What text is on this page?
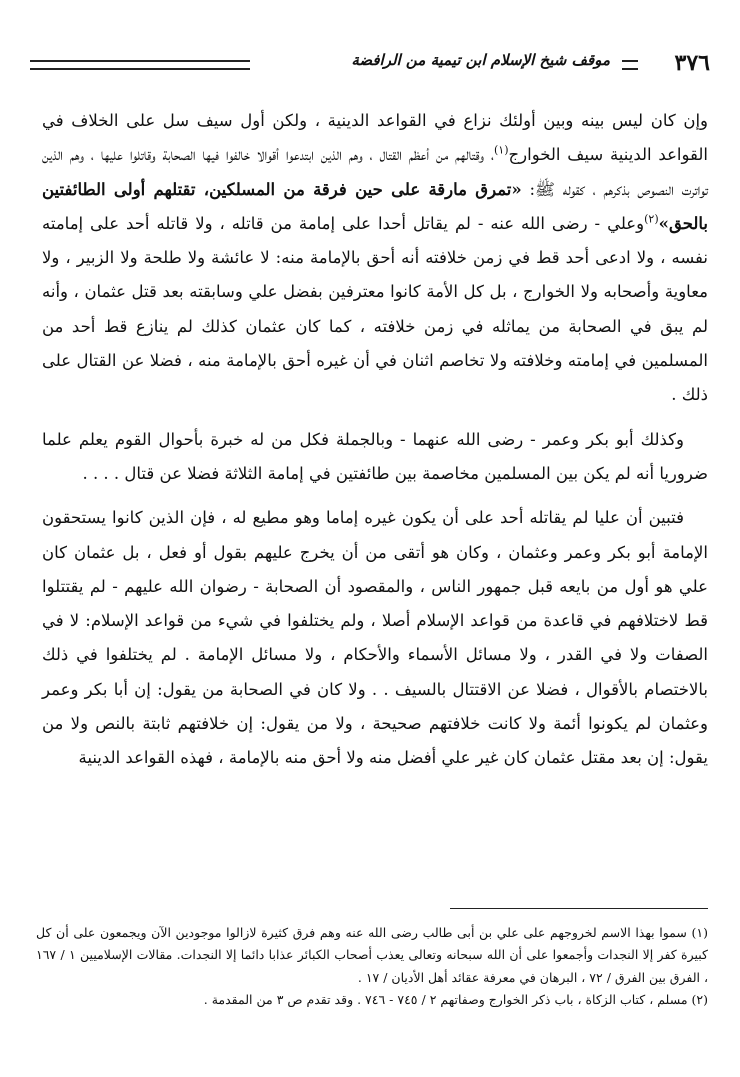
٣٧٦
موقف شيخ الإسلام ابن تيمية من الرافضة

وإن كان ليس بينه وبين أولئك نزاع في القواعد الدينية ، ولكن أول سيف سل على الخلاف في القواعد الدينية سيف الخوارج$^{(١)}$، وقتالهم من أعظم القتال ، وهم الذين ابتدعوا أقوالا خالفوا فيها الصحابة وقاتلوا عليها ، وهم الذين تواترت النصوص بذكرهم ، كقوله ﷺ: «تمرق مارقة على حين فرقة من المسلكين، تقتلهم أولى الطائفتين بالحق»$^{(٢)}$وعلي - رضى الله عنه - لم يقاتل أحدا على إمامة من قاتله ، ولا قاتله أحد على إمامته نفسه ، ولا ادعى أحد قط في زمن خلافته أنه أحق بالإمامة منه: لا عائشة ولا طلحة ولا الزبير ، ولا معاوية وأصحابه ولا الخوارج ، بل كل الأمة كانوا معترفين بفضل علي وسابقته بعد قتل عثمان ، وأنه لم يبق في الصحابة من يماثله في زمن خلافته ، كما كان عثمان كذلك لم ينازع قط أحد من المسلمين في إمامته وخلافته ولا تخاصم اثنان في أن غيره أحق بالإمامة منه ، فضلا عن القتال على ذلك .

وكذلك أبو بكر وعمر - رضى الله عنهما - وبالجملة فكل من له خبرة بأحوال القوم يعلم علما ضروريا أنه لم يكن بين المسلمين مخاصمة بين طائفتين في إمامة الثلاثة فضلا عن قتال . . . .

فتبين أن عليا لم يقاتله أحد على أن يكون غيره إماما وهو مطيع له ، فإن الذين كانوا يستحقون الإمامة أبو بكر وعمر وعثمان ، وكان هو أتقى من أن يخرج عليهم بقول أو فعل ، بل عثمان كان علي هو أول من بايعه قبل جمهور الناس ، والمقصود أن الصحابة - رضوان الله عليهم - لم يقتتلوا قط لاختلافهم في قاعدة من قواعد الإسلام أصلا ، ولم يختلفوا في شيء من قواعد الإسلام: لا في الصفات ولا في القدر ، ولا مسائل الأسماء والأحكام ، ولا مسائل الإمامة . لم يختلفوا في ذلك بالاختصام بالأقوال ، فضلا عن الاقتتال بالسيف . . ولا كان في الصحابة من يقول: إن أبا بكر وعمر وعثمان لم يكونوا أئمة ولا كانت خلافتهم صحيحة ، ولا من يقول: إن خلافتهم ثابتة بالنص ولا من يقول: إن بعد مقتل عثمان كان غير علي أفضل منه ولا أحق منه بالإمامة ، فهذه القواعد الدينية

(١) سموا بهذا الاسم لخروجهم على علي بن أبى طالب رضى الله عنه وهم فرق كثيرة لازالوا موجودين الآن ويجمعون على أن كل كبيرة كفر إلا النجدات وأجمعوا على أن الله سبحانه وتعالى يعذب أصحاب الكبائر عذابا دائما إلا النجدات. مقالات الإسلاميين ١ / ١٦٧ ، الفرق بين الفرق / ٧٢ ، البرهان في معرفة عقائد أهل الأديان / ١٧ .

(٢) مسلم ، كتاب الزكاة ، باب ذكر الخوارج وصفاتهم ٢ / ٧٤٥ - ٧٤٦ . وقد تقدم ص ٣ من المقدمة .
